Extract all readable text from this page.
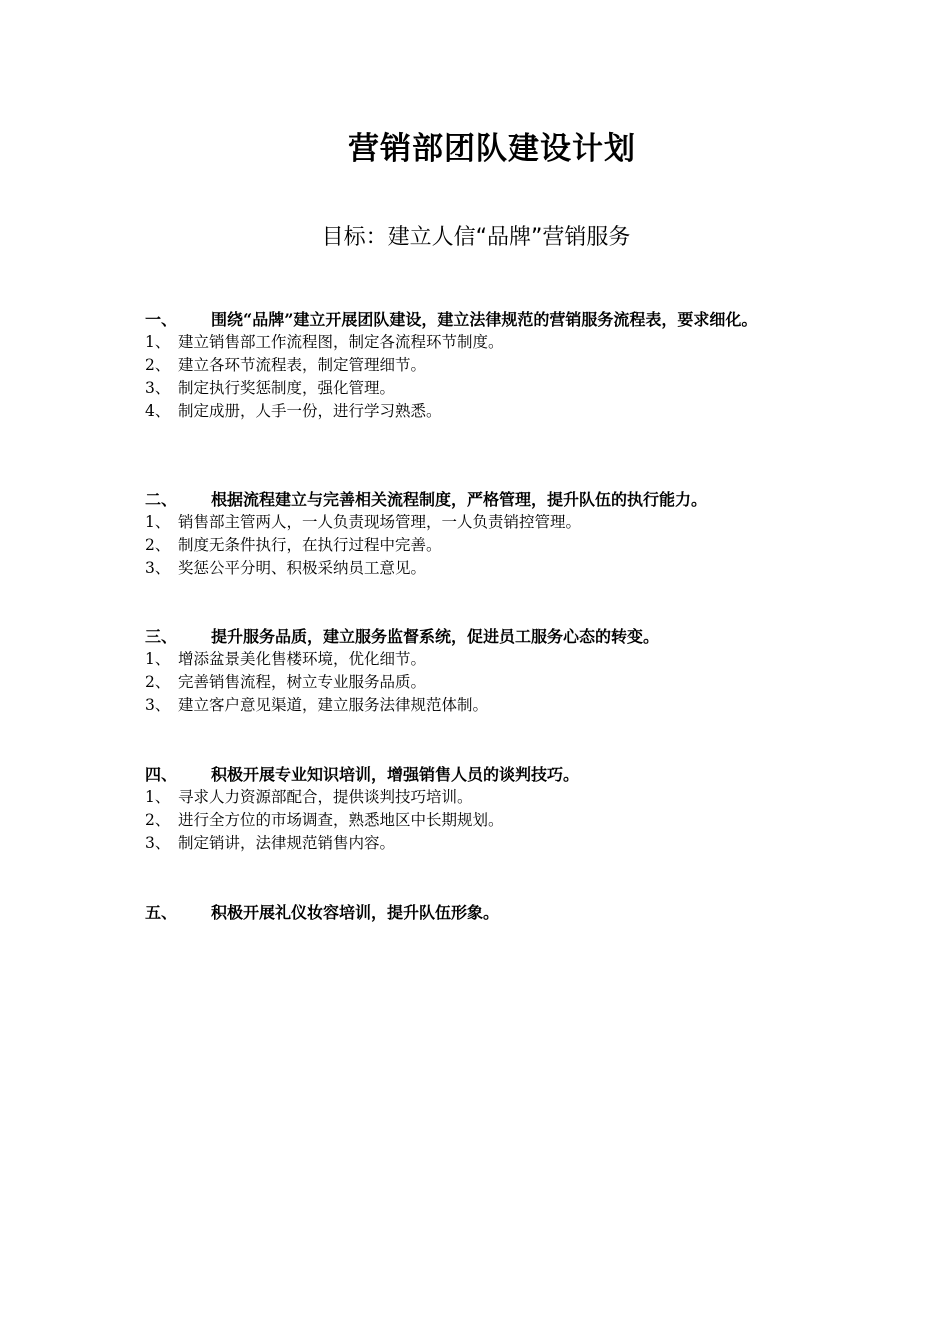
营销部团队建设计划
目标：建立人信“品牌”营销服务
一、	围绕“品牌”建立开展团队建设，建立法律规范的营销服务流程表，要求细化。
1、 建立销售部工作流程图，制定各流程环节制度。
2、 建立各环节流程表，制定管理细节。
3、 制定执行奖惩制度，强化管理。
4、 制定成册，人手一份，进行学习熟悉。
二、	根据流程建立与完善相关流程制度，严格管理，提升队伍的执行能力。
1、 销售部主管两人，一人负责现场管理，一人负责销控管理。
2、 制度无条件执行，在执行过程中完善。
3、 奖惩公平分明、积极采纳员工意见。
三、	提升服务品质，建立服务监督系统，促进员工服务心态的转变。
1、 增添盆景美化售楼环境，优化细节。
2、 完善销售流程，树立专业服务品质。
3、 建立客户意见渠道，建立服务法律规范体制。
四、	积极开展专业知识培训，增强销售人员的谈判技巧。
1、 寻求人力资源部配合，提供谈判技巧培训。
2、 进行全方位的市场调查，熟悉地区中长期规划。
3、 制定销讲，法律规范销售内容。
五、	积极开展礼仪妆容培训，提升队伍形象。
